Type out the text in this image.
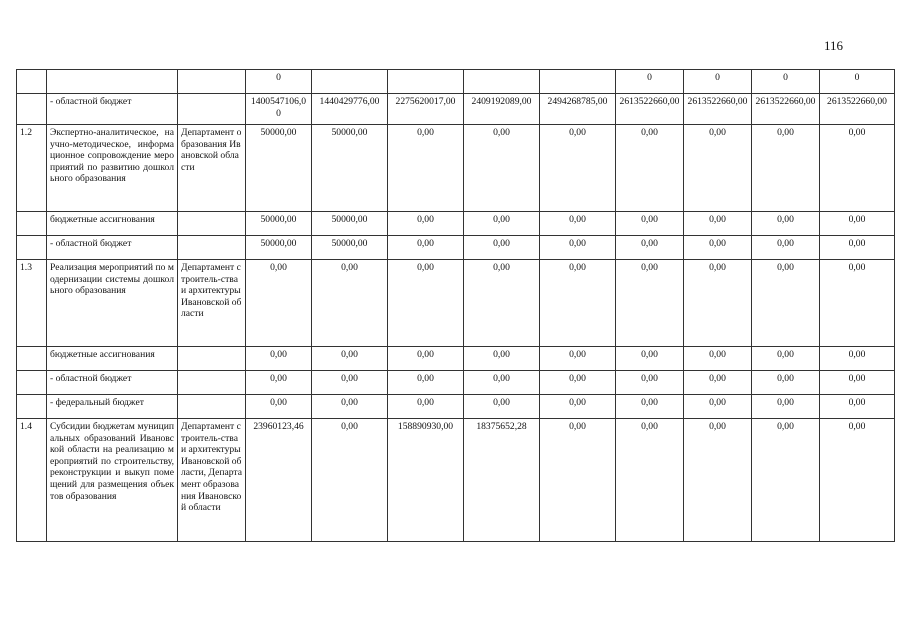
116
			0					0	0	0	0
	- областной бюджет		1400547106,00	1440429776,00	2275620017,00	2409192089,00	2494268785,00	2613522660,00	2613522660,00	2613522660,00	2613522660,00
1.2	Экспертно-аналитическое, научно-методическое, информационное сопровождение мероприятий по развитию дошкольного образования	Департамент образования Ивановской области	50000,00	50000,00	0,00	0,00	0,00	0,00	0,00	0,00	0,00
	бюджетные ассигнования		50000,00	50000,00	0,00	0,00	0,00	0,00	0,00	0,00	0,00
	- областной бюджет		50000,00	50000,00	0,00	0,00	0,00	0,00	0,00	0,00	0,00
1.3	Реализация мероприятий по модернизации системы дошкольного образования	Департамент строитель-ства и архитектуры Ивановской области	0,00	0,00	0,00	0,00	0,00	0,00	0,00	0,00	0,00
	бюджетные ассигнования		0,00	0,00	0,00	0,00	0,00	0,00	0,00	0,00	0,00
	- областной бюджет		0,00	0,00	0,00	0,00	0,00	0,00	0,00	0,00	0,00
	- федеральный бюджет		0,00	0,00	0,00	0,00	0,00	0,00	0,00	0,00	0,00
1.4	Субсидии бюджетам муниципальных образований Ивановской области на реализацию мероприятий по строительству, реконструкции и выкуп помещений для размещения объектов образования	Департамент строитель-ства и архитектуры Ивановской области, Департамент образования Ивановской области	23960123,46	0,00	158890930,00	18375652,28	0,00	0,00	0,00	0,00	0,00
